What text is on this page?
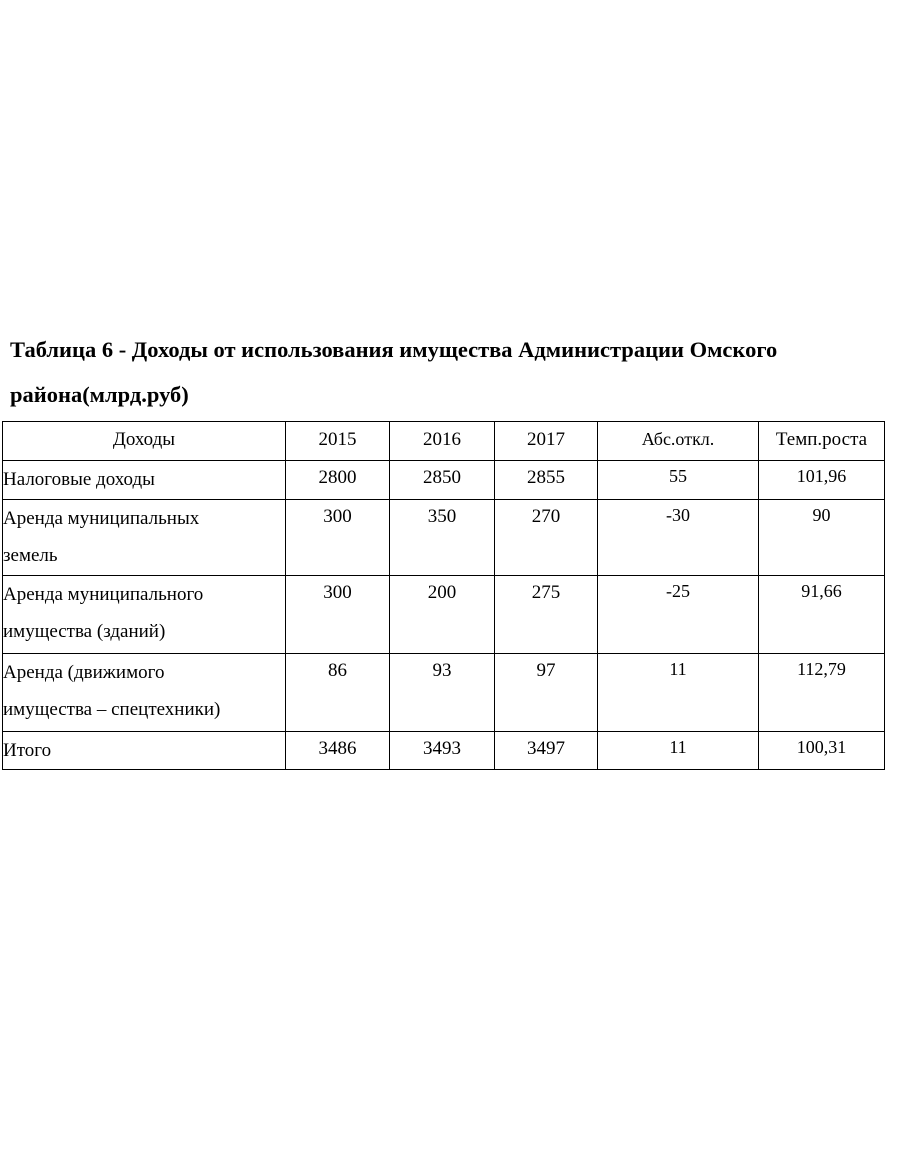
Таблица 6 - Доходы от использования имущества Администрации Омского
района(млрд.руб)
Доходы	2015	2016	2017	Абс.откл.	Темп.роста

Налоговые доходы	2800	2850	2855	55	101,96

Аренда муниципальных
земель	300	350	270	-30	90

Аренда муниципального
имущества (зданий)	300	200	275	-25	91,66

Аренда (движимого
имущества – спецтехники)	86	93	97	11	112,79

Итого	3486	3493	3497	11	100,31
